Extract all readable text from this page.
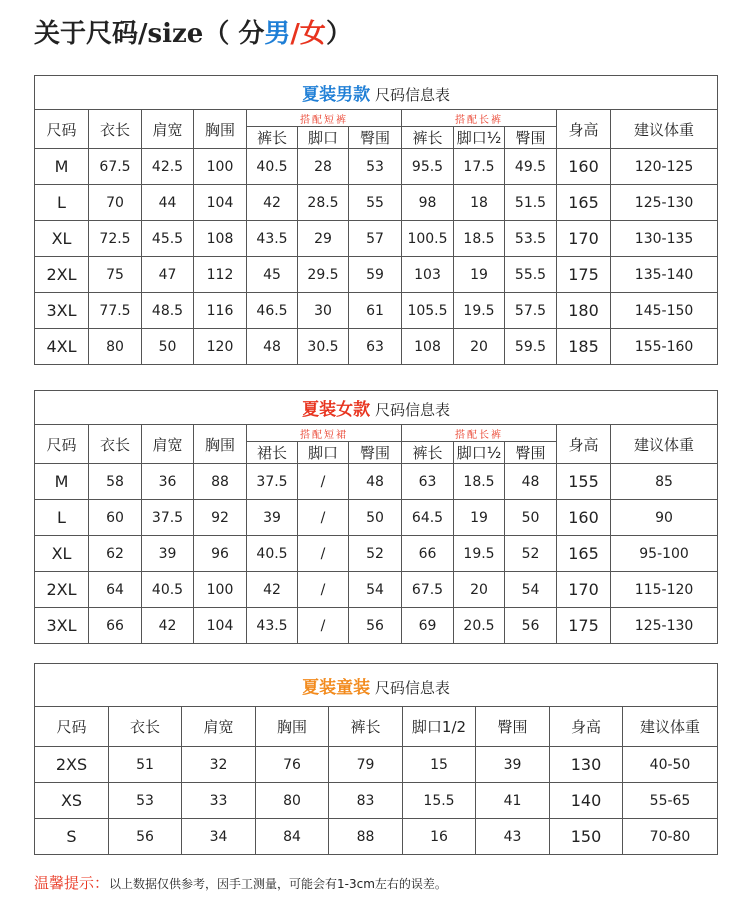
关于尺码/size（ 分男/女）
夏装男款 尺码信息表											
尺码	衣长	肩宽	胸围	搭配短裤			搭配长裤			身高	建议体重
				裤长	脚口	臀围	裤长	脚口½	臀围		
M	67.5	42.5	100	40.5	28	53	95.5	17.5	49.5	160	120-125
L	70	44	104	42	28.5	55	98	18	51.5	165	125-130
XL	72.5	45.5	108	43.5	29	57	100.5	18.5	53.5	170	130-135
2XL	75	47	112	45	29.5	59	103	19	55.5	175	135-140
3XL	77.5	48.5	116	46.5	30	61	105.5	19.5	57.5	180	145-150
4XL	80	50	120	48	30.5	63	108	20	59.5	185	155-160
夏装女款 尺码信息表											
尺码	衣长	肩宽	胸围	搭配短裙			搭配长裤			身高	建议体重
				裙长	脚口	臀围	裤长	脚口½	臀围		
M	58	36	88	37.5	/	48	63	18.5	48	155	85
L	60	37.5	92	39	/	50	64.5	19	50	160	90
XL	62	39	96	40.5	/	52	66	19.5	52	165	95-100
2XL	64	40.5	100	42	/	54	67.5	20	54	170	115-120
3XL	66	42	104	43.5	/	56	69	20.5	56	175	125-130
夏装童装 尺码信息表								
尺码	衣长	肩宽	胸围	裤长	脚口1/2	臀围	身高	建议体重
2XS	51	32	76	79	15	39	130	40-50
XS	53	33	80	83	15.5	41	140	55-65
S	56	34	84	88	16	43	150	70-80
温馨提示：以上数据仅供参考，因手工测量，可能会有1-3cm左右的误差。
